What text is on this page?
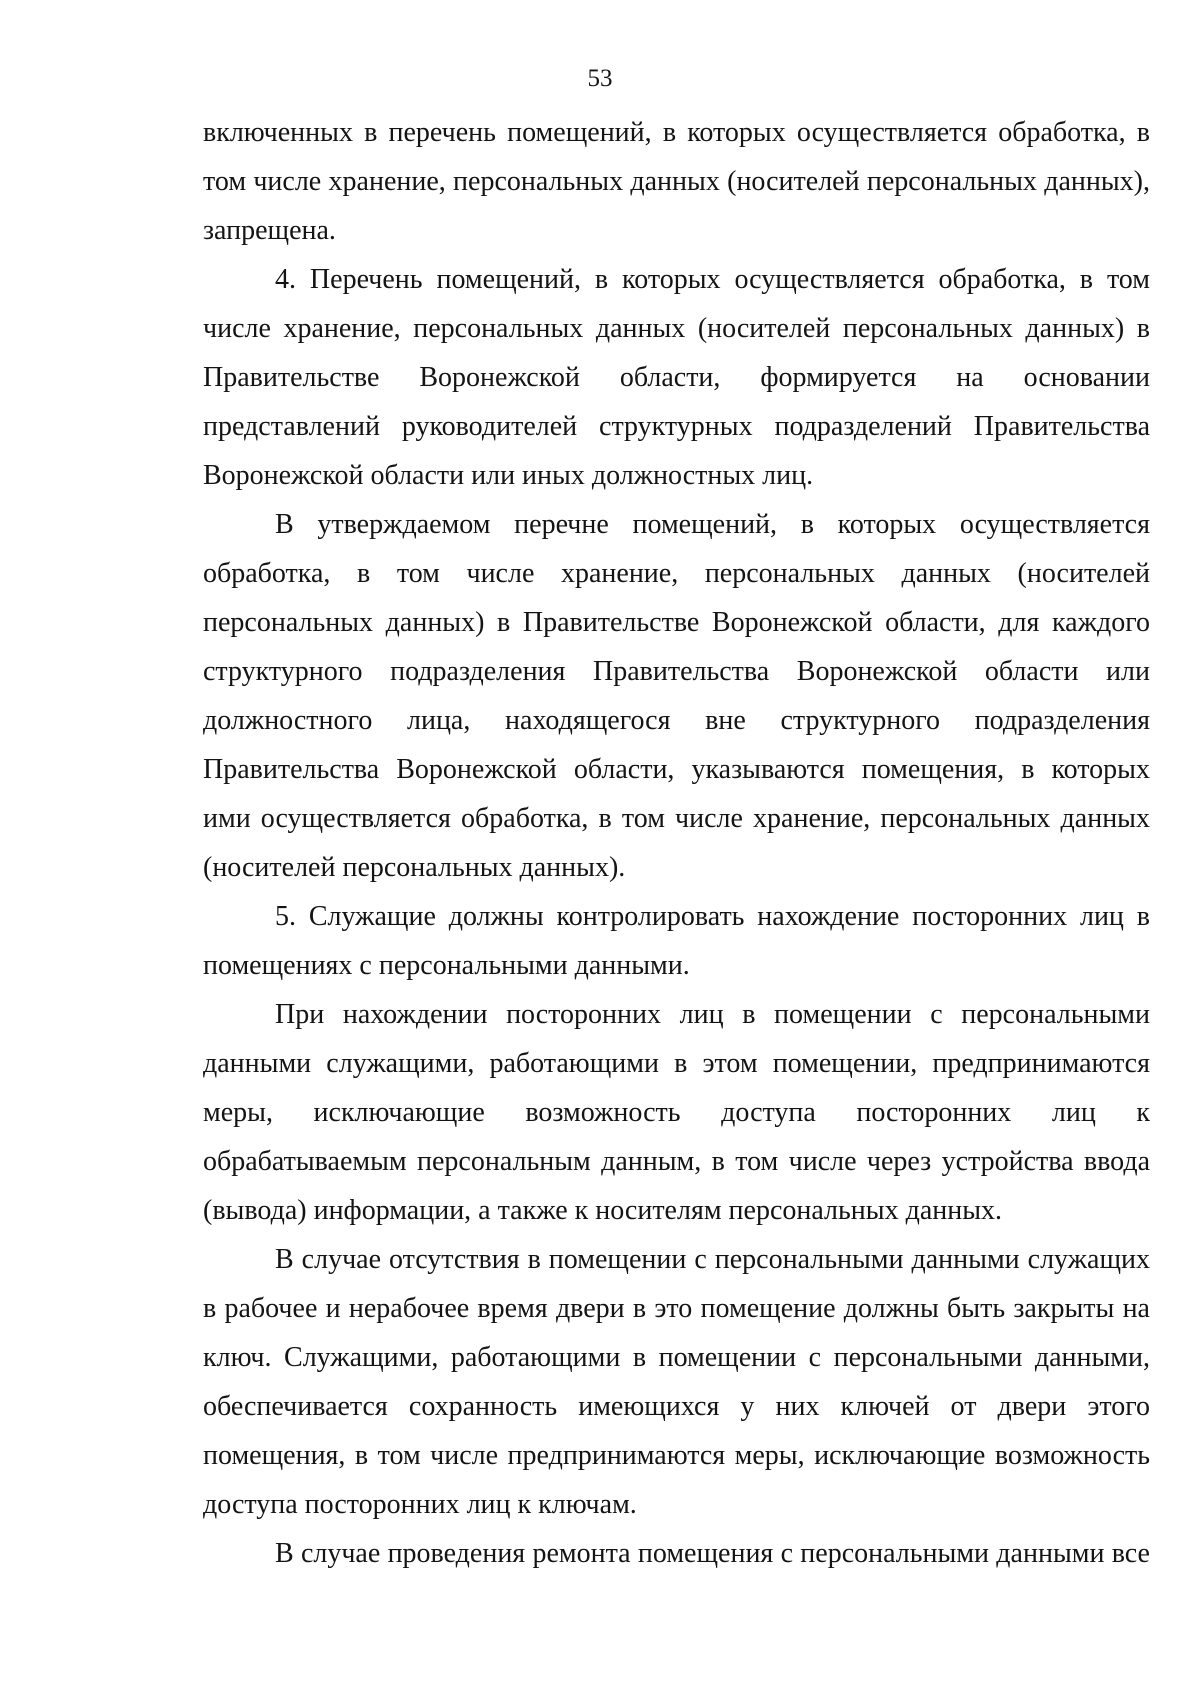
53
включенных в перечень помещений, в которых осуществляется обработка, в
том числе хранение, персональных данных (носителей персональных данных),
запрещена.
4. Перечень помещений, в которых осуществляется обработка, в том
числе хранение, персональных данных (носителей персональных данных) в
Правительстве Воронежской области, формируется на основании
представлений руководителей структурных подразделений Правительства
Воронежской области или иных должностных лиц.
В утверждаемом перечне помещений, в которых осуществляется
обработка, в том числе хранение, персональных данных (носителей
персональных данных) в Правительстве Воронежской области, для каждого
структурного подразделения Правительства Воронежской области или
должностного лица, находящегося вне структурного подразделения
Правительства Воронежской области, указываются помещения, в которых
ими осуществляется обработка, в том числе хранение, персональных данных
(носителей персональных данных).
5. Служащие должны контролировать нахождение посторонних лиц в
помещениях с персональными данными.
При нахождении посторонних лиц в помещении с персональными
данными служащими, работающими в этом помещении, предпринимаются
меры, исключающие возможность доступа посторонних лиц к
обрабатываемым персональным данным, в том числе через устройства ввода
(вывода) информации, а также к носителям персональных данных.
В случае отсутствия в помещении с персональными данными служащих
в рабочее и нерабочее время двери в это помещение должны быть закрыты на
ключ. Служащими, работающими в помещении с персональными данными,
обеспечивается сохранность имеющихся у них ключей от двери этого
помещения, в том числе предпринимаются меры, исключающие возможность
доступа посторонних лиц к ключам.
В случае проведения ремонта помещения с персональными данными все
